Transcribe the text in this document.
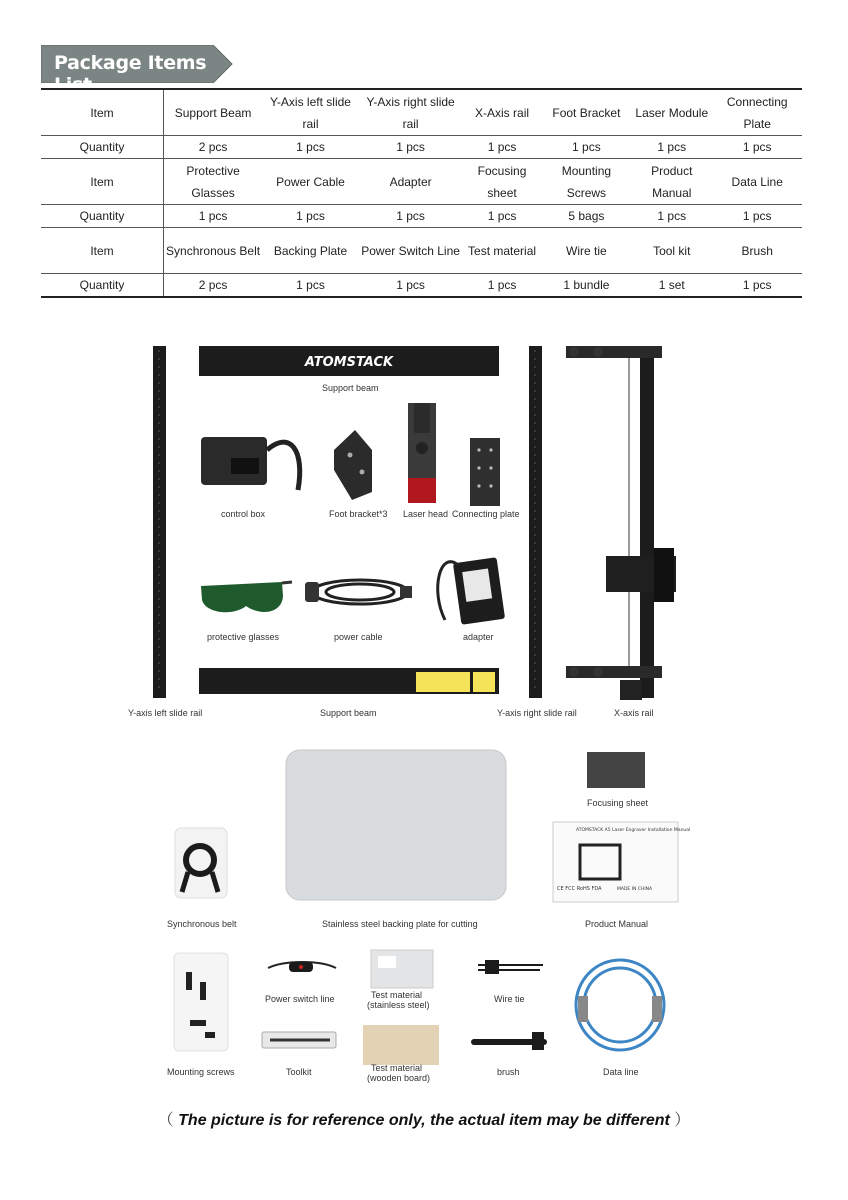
Package Items List
Item	Support Beam	Y-Axis left slide rail	Y-Axis right slide rail	X-Axis rail	Foot Bracket	Laser Module	Connecting Plate
Quantity	2 pcs	1 pcs	1 pcs	1 pcs	1 pcs	1 pcs	1 pcs
Item	Protective Glasses	Power Cable	Adapter	Focusing sheet	Mounting Screws	Product Manual	Data Line
Quantity	1 pcs	1 pcs	1 pcs	1 pcs	5 bags	1 pcs	1 pcs
Item	Synchronous Belt	Backing Plate	Power Switch Line	Test material	Wire tie	Tool kit	Brush
Quantity	2 pcs	1 pcs	1 pcs	1 pcs	1 bundle	1 set	1 pcs
ATOMSTACK
ATOMSTACK A5 Laser Engraver Installation Manual
CE FCC RoHS FDA	MADE IN CHINA
Support beam
control box	Foot bracket*3 Laser head Connecting plate
protective glasses	power cable	adapter
Y-axis left slide rail	Support beam	Y-axis right slide rail	X-axis rail
Focusing sheet
Synchronous belt	Stainless steel backing plate for cutting	Product Manual
Power switch line	Test material
(stainless steel)
Wire tie
Mounting screws	Toolkit	Test material
(wooden board)
brush	Data line
（ The picture is for reference only, the actual item may be different ）
